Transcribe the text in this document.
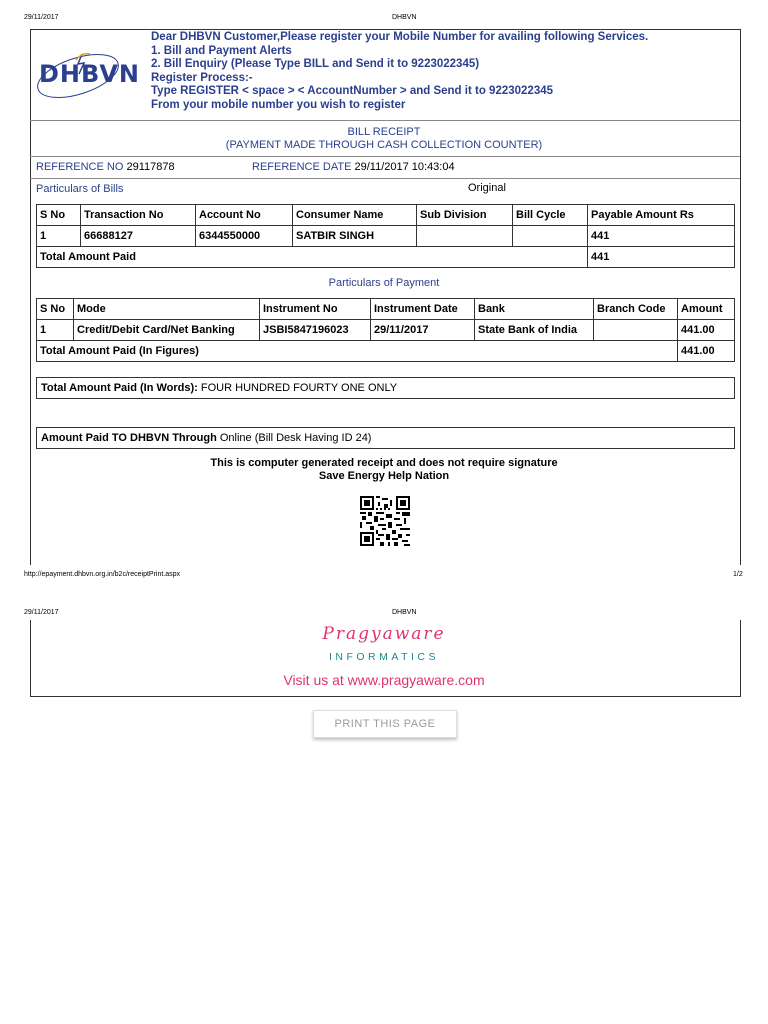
29/11/2017	DHBVN
DHBVN
Dear DHBVN Customer,Please register your Mobile Number for availing following Services.
1. Bill and Payment Alerts
2. Bill Enquiry (Please Type BILL and Send it to 9223022345)
Register Process:-
Type REGISTER < space > < AccountNumber > and Send it to 9223022345
From your mobile number you wish to register
BILL RECEIPT
(PAYMENT MADE THROUGH CASH COLLECTION COUNTER)
REFERENCE NO 29117878	REFERENCE DATE 29/11/2017 10:43:04
Particulars of Bills	Original
S No	Transaction No	Account No	Consumer Name	Sub Division	Bill Cycle	Payable Amount Rs
1	66688127	6344550000	SATBIR SINGH			441
Total Amount Paid						441
Particulars of Payment
S No	Mode	Instrument No	Instrument Date	Bank	Branch Code	Amount
1	Credit/Debit Card/Net Banking	JSBI5847196023	29/11/2017	State Bank of India		441.00
Total Amount Paid (In Figures)						441.00
Total Amount Paid (In Words): FOUR HUNDRED FOURTY ONE ONLY
Amount Paid TO DHBVN Through Online (Bill Desk Having ID 24)
This is computer generated receipt and does not require signature
Save Energy Help Nation
http://epayment.dhbvn.org.in/b2c/receiptPrint.aspx	1/2
29/11/2017	DHBVN
Pragyaware
INFORMATICS
Visit us at www.pragyaware.com
PRINT THIS PAGE
